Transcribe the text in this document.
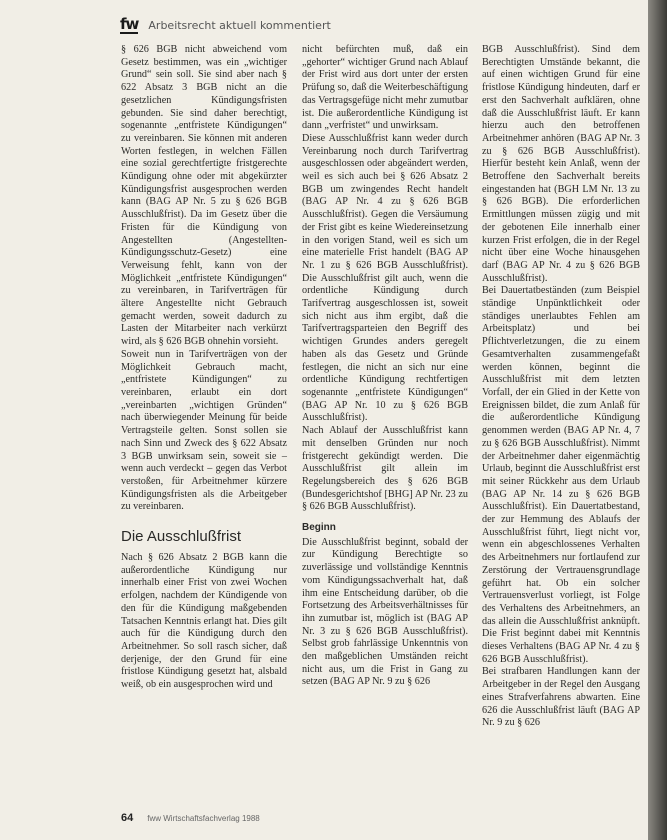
fw Arbeitsrecht aktuell kommentiert

§ 626 BGB nicht abweichend vom Gesetz bestimmen, was ein „wichtiger Grund“ sein soll. Sie sind aber nach § 622 Absatz 3 BGB nicht an die gesetzlichen Kündigungsfristen gebunden. Sie sind daher berechtigt, sogenannte „entfristete Kündigungen“ zu vereinbaren. Sie können mit anderen Worten festlegen, in welchen Fällen eine sozial gerechtfertigte fristgerechte Kündigung ohne oder mit abgekürzter Kündigungsfrist ausgesprochen werden kann (BAG AP Nr. 5 zu § 626 BGB Ausschlußfrist). Da im Gesetz über die Fristen für die Kündigung von Angestellten (Angestellten-Kündigungsschutz-Gesetz) eine Verweisung fehlt, kann von der Möglichkeit „entfristete Kündigungen“ zu vereinbaren, in Tarifverträgen für ältere Angestellte nicht Gebrauch gemacht werden, soweit dadurch zu Lasten der Mitarbeiter nach verkürzt wird, als § 626 BGB ohnehin vorsieht.

Soweit nun in Tarifverträgen von der Möglichkeit Gebrauch macht, „entfristete Kündigungen“ zu vereinbaren, erlaubt ein dort „vereinbarten „wichtigen Gründen“ nach überwiegender Meinung für beide Vertragsteile gelten. Sonst sollen sie nach Sinn und Zweck des § 622 Absatz 3 BGB unwirksam sein, soweit sie – wenn auch verdeckt – gegen das Verbot verstoßen, für Arbeitnehmer kürzere Kündigungsfristen als die Arbeitgeber zu vereinbaren.

Die Ausschlußfrist

Nach § 626 Absatz 2 BGB kann die außerordentliche Kündigung nur innerhalb einer Frist von zwei Wochen erfolgen, nachdem der Kündigende von den für die Kündigung maßgebenden Tatsachen Kenntnis erlangt hat. Dies gilt auch für die Kündigung durch den Arbeitnehmer. So soll rasch sicher, daß derjenige, der den Grund für eine fristlose Kündigung gesetzt hat, alsbald weiß, ob ein ausgesprochen wird und

nicht befürchten muß, daß ein „gehorter“ wichtiger Grund nach Ablauf der Frist wird aus dort unter der ersten Prüfung so, daß die Weiterbeschäftigung das Vertragsgefüge nicht mehr zumutbar ist. Die außerordentliche Kündigung ist dann „verfristet“ und unwirksam.

Diese Ausschlußfrist kann weder durch Vereinbarung noch durch Tarifvertrag ausgeschlossen oder abgeändert werden, weil es sich auch bei § 626 Absatz 2 BGB um zwingendes Recht handelt (BAG AP Nr. 4 zu § 626 BGB Ausschlußfrist). Gegen die Versäumung der Frist gibt es keine Wiedereinsetzung in den vorigen Stand, weil es sich um eine materielle Frist handelt (BAG AP Nr. 1 zu § 626 BGB Ausschlußfrist). Die Ausschlußfrist gilt auch, wenn die ordentliche Kündigung durch Tarifvertrag ausgeschlossen ist, soweit sich nicht aus ihm ergibt, daß die Tarifvertragsparteien den Begriff des wichtigen Grundes anders geregelt haben als das Gesetz und Gründe festlegen, die nicht an sich nur eine ordentliche Kündigung rechtfertigen sogenannte „entfristete Kündigungen“ (BAG AP Nr. 10 zu § 626 BGB Ausschlußfrist).

Nach Ablauf der Ausschlußfrist kann mit denselben Gründen nur noch fristgerecht gekündigt werden. Die Ausschlußfrist gilt allein im Regelungsbereich des § 626 BGB (Bundesgerichtshof [BHG] AP Nr. 23 zu § 626 BGB Ausschlußfrist).

Beginn

Die Ausschlußfrist beginnt, sobald der zur Kündigung Berechtigte so zuverlässige und vollständige Kenntnis vom Kündigungssachverhalt hat, daß ihm eine Entscheidung darüber, ob die Fortsetzung des Arbeitsverhältnisses für ihn zumutbar ist, möglich ist (BAG AP Nr. 3 zu § 626 BGB Ausschlußfrist). Selbst grob fahrlässige Unkenntnis von den maßgeblichen Umständen reicht nicht aus, um die Frist in Gang zu setzen (BAG AP Nr. 9 zu § 626

BGB Ausschlußfrist). Sind dem Berechtigten Umstände bekannt, die auf einen wichtigen Grund für eine fristlose Kündigung hindeuten, darf er erst den Sachverhalt aufklären, ohne daß die Ausschlußfrist läuft. Er kann hierzu auch den betroffenen Arbeitnehmer anhören (BAG AP Nr. 3 zu § 626 BGB Ausschlußfrist). Hierfür besteht kein Anlaß, wenn der Betroffene den Sachverhalt bereits eingestanden hat (BGH LM Nr. 13 zu § 626 BGB). Die erforderlichen Ermittlungen müssen zügig und mit der gebotenen Eile innerhalb einer kurzen Frist erfolgen, die in der Regel nicht über eine Woche hinausgehen darf (BAG AP Nr. 4 zu § 626 BGB Ausschlußfrist).

Bei Dauertatbeständen (zum Beispiel ständige Unpünktlichkeit oder ständiges unerlaubtes Fehlen am Arbeitsplatz) und bei Pflichtverletzungen, die zu einem Gesamtverhalten zusammengefaßt werden können, beginnt die Ausschlußfrist mit dem letzten Vorfall, der ein Glied in der Kette von Ereignissen bildet, die zum Anlaß für die außerordentliche Kündigung genommen werden (BAG AP Nr. 4, 7 zu § 626 BGB Ausschlußfrist). Nimmt der Arbeitnehmer daher eigenmächtig Urlaub, beginnt die Ausschlußfrist erst mit seiner Rückkehr aus dem Urlaub (BAG AP Nr. 14 zu § 626 BGB Ausschlußfrist). Ein Dauertatbestand, der zur Hemmung des Ablaufs der Ausschlußfrist führt, liegt nicht vor, wenn ein abgeschlossenes Verhalten des Arbeitnehmers nur fortlaufend zur Zerstörung der Vertrauensgrundlage geführt hat. Ob ein solcher Vertrauensverlust vorliegt, ist Folge des Verhaltens des Arbeitnehmers, an das allein die Ausschlußfrist anknüpft. Die Frist beginnt dabei mit Kenntnis dieses Verhaltens (BAG AP Nr. 4 zu § 626 BGB Ausschlußfrist).

Bei strafbaren Handlungen kann der Arbeitgeber in der Regel den Ausgang eines Strafverfahrens abwarten. Eine 626 die Ausschlußfrist läuft (BAG AP Nr. 9 zu § 626

64 fww Wirtschaftsfachverlag 1988
